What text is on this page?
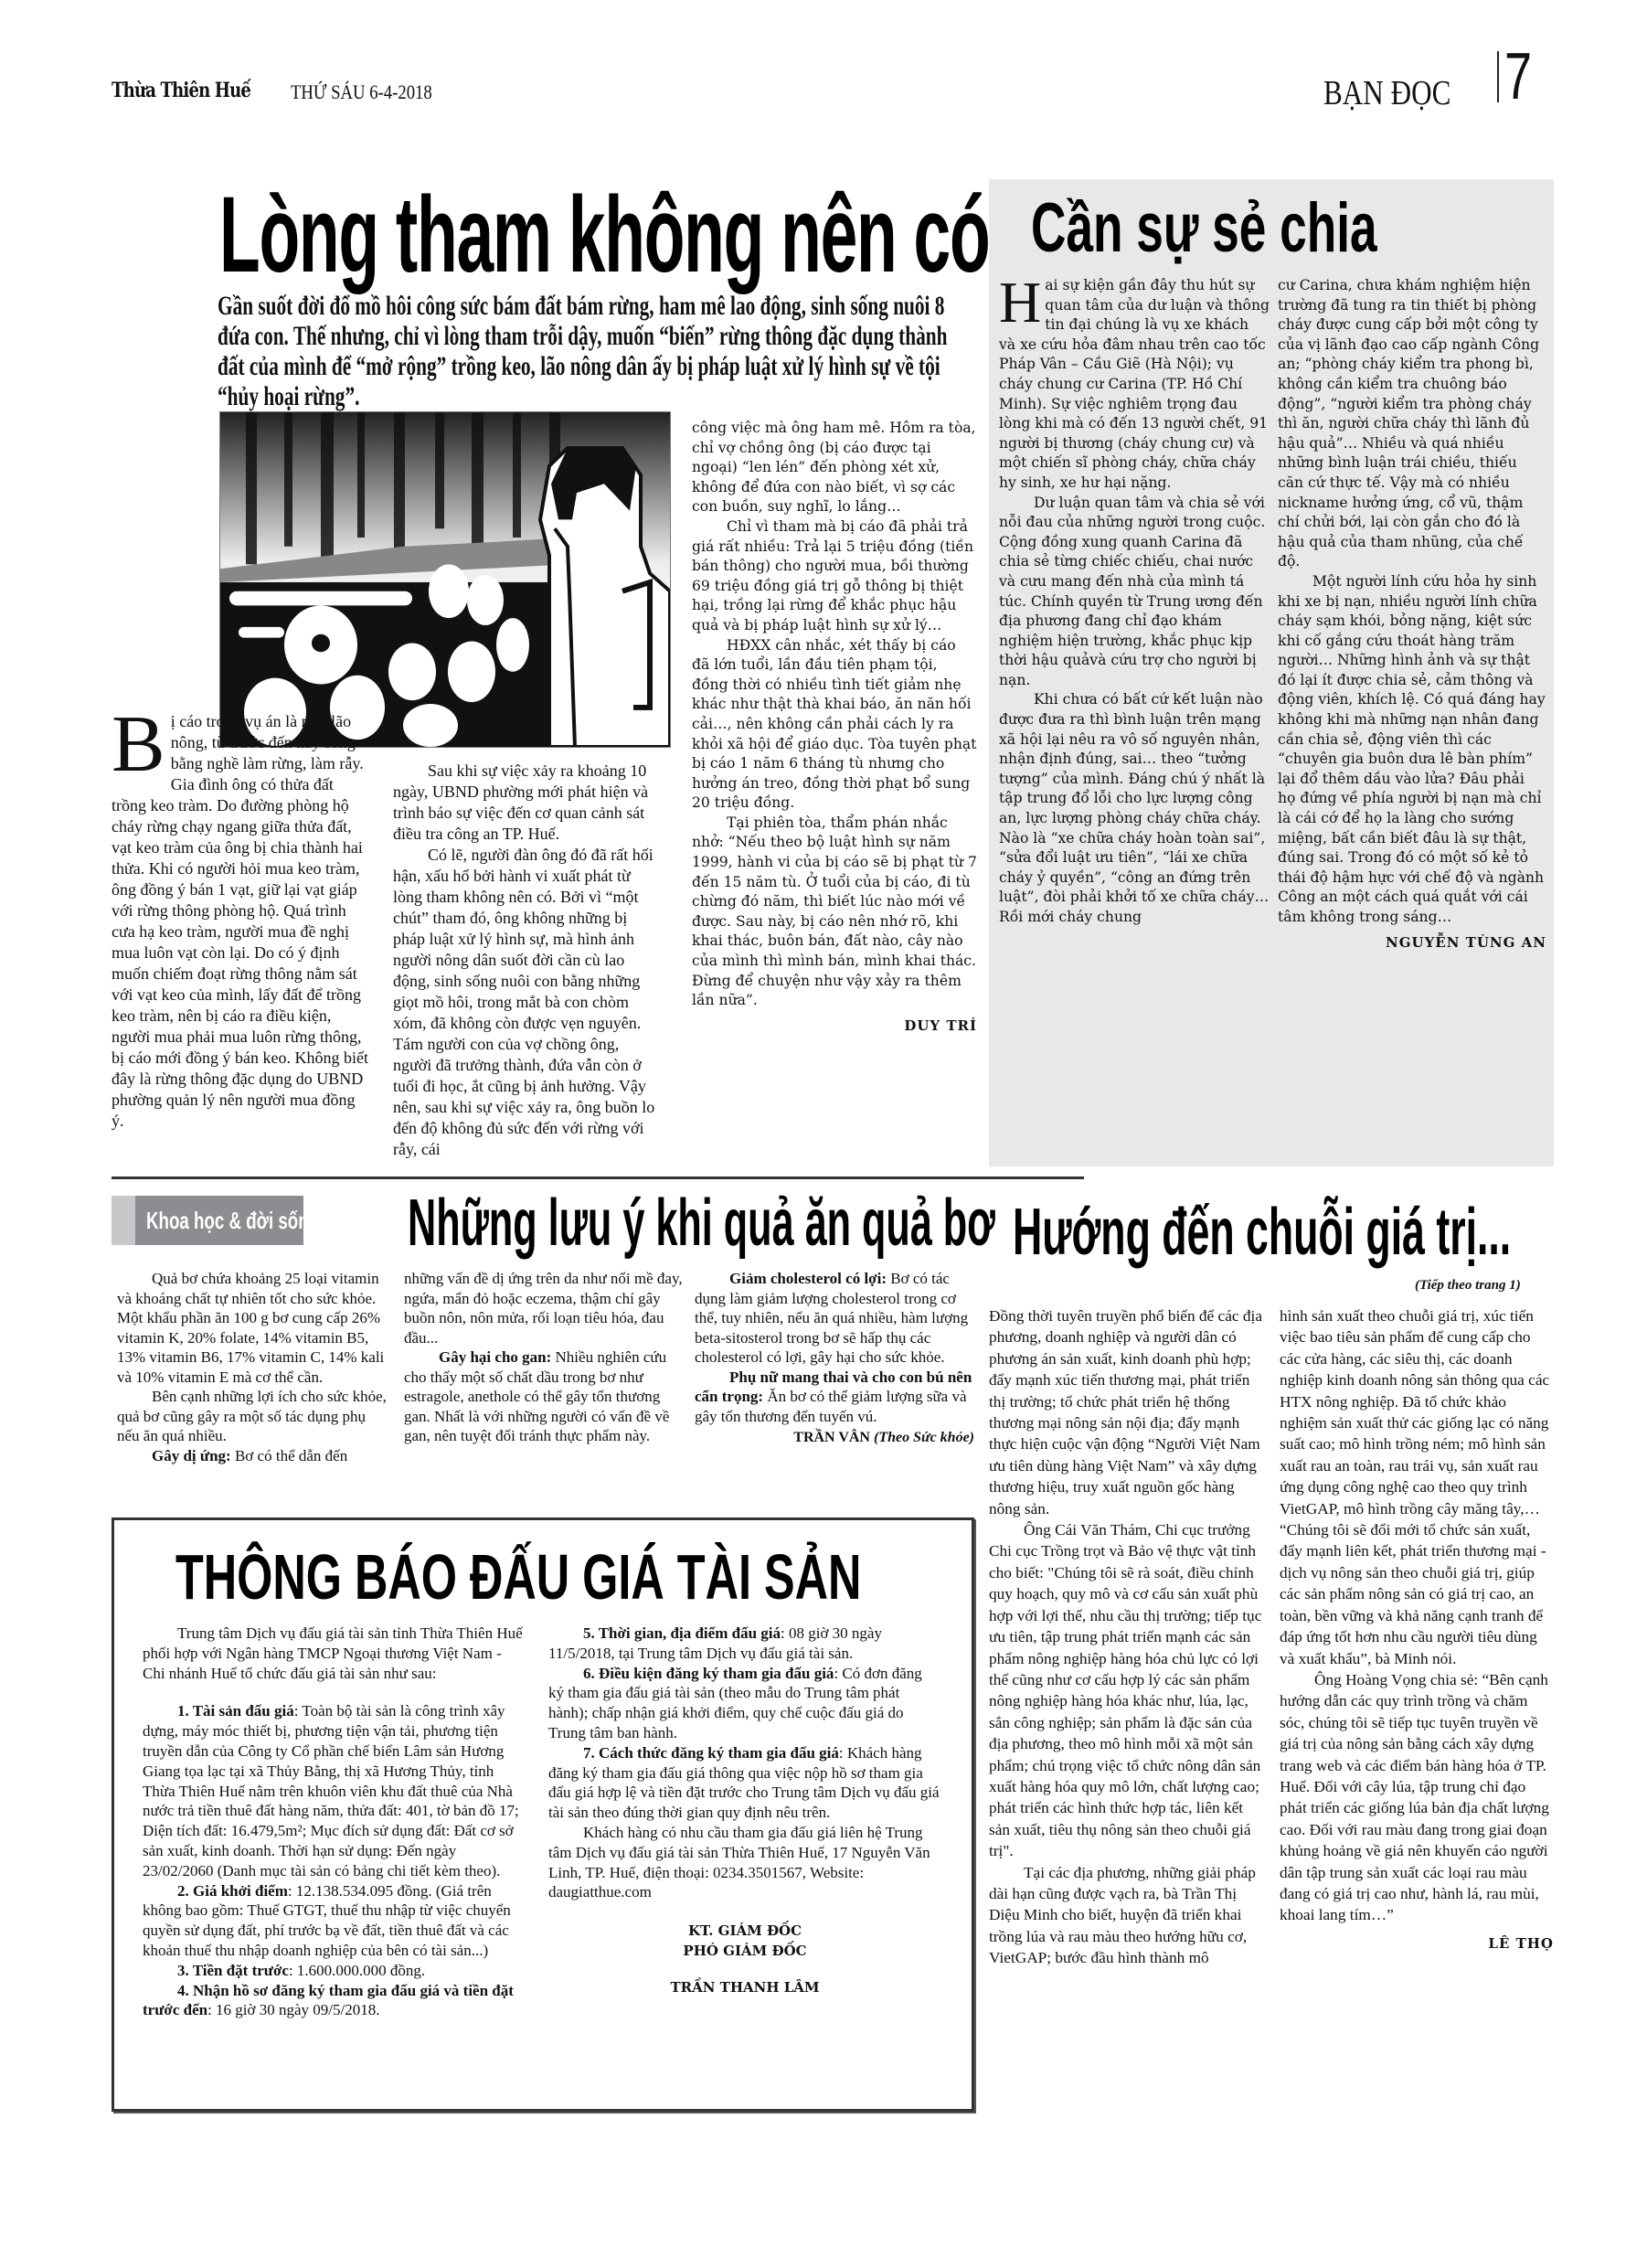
Thừa Thiên Huế THỨ SÁU 6-4-2018	BẠN ĐỌC 7
Lòng tham không nên có
Gần suốt đời đổ mồ hôi công sức bám đất bám rừng, ham mê lao động, sinh sống nuôi 8 đứa con. Thế nhưng, chỉ vì lòng tham trỗi dậy, muốn “biến” rừng thông đặc dụng thành đất của mình để “mở rộng” trồng keo, lão nông dân ấy bị pháp luật xử lý hình sự về tội “hủy hoại rừng”.

Bị cáo trong vụ án là một lão nông, từ trước đến nay sống bằng nghề làm rừng, làm rẫy. Gia đình ông có thửa đất trồng keo tràm. Do đường phòng hộ cháy rừng chạy ngang giữa thửa đất, vạt keo tràm của ông bị chia thành hai thửa. Khi có người hỏi mua keo tràm, ông đồng ý bán 1 vạt, giữ lại vạt giáp với rừng thông phòng hộ. Quá trình cưa hạ keo tràm, người mua đề nghị mua luôn vạt còn lại. Do có ý định muốn chiếm đoạt rừng thông nằm sát với vạt keo của mình, lấy đất để trồng keo tràm, nên bị cáo ra điều kiện, người mua phải mua luôn rừng thông, bị cáo mới đồng ý bán keo. Không biết đây là rừng thông đặc dụng do UBND phường quản lý nên người mua đồng ý.

Sau khi sự việc xảy ra khoảng 10 ngày, UBND phường mới phát hiện và trình báo sự việc đến cơ quan cảnh sát điều tra công an TP. Huế.

Có lẽ, người đàn ông đó đã rất hối hận, xấu hổ bởi hành vi xuất phát từ lòng tham không nên có. Bởi vì “một chút” tham đó, ông không những bị pháp luật xử lý hình sự, mà hình ảnh người nông dân suốt đời cần cù lao động, sinh sống nuôi con bằng những giọt mồ hôi, trong mắt bà con chòm xóm, đã không còn được vẹn nguyên. Tám người con của vợ chồng ông, người đã trưởng thành, đứa vẫn còn ở tuổi đi học, ắt cũng bị ảnh hưởng. Vậy nên, sau khi sự việc xảy ra, ông buồn lo đến độ không đủ sức đến với rừng với rẫy, cái

công việc mà ông ham mê. Hôm ra tòa, chỉ vợ chồng ông (bị cáo được tại ngoại) “len lén” đến phòng xét xử, không để đứa con nào biết, vì sợ các con buồn, suy nghĩ, lo lắng…

Chỉ vì tham mà bị cáo đã phải trả giá rất nhiều: Trả lại 5 triệu đồng (tiền bán thông) cho người mua, bồi thường 69 triệu đồng giá trị gỗ thông bị thiệt hại, trồng lại rừng để khắc phục hậu quả và bị pháp luật hình sự xử lý…

HĐXX cân nhắc, xét thấy bị cáo đã lớn tuổi, lần đầu tiên phạm tội, đồng thời có nhiều tình tiết giảm nhẹ khác như thật thà khai báo, ăn năn hối cải…, nên không cần phải cách ly ra khỏi xã hội để giáo dục. Tòa tuyên phạt bị cáo 1 năm 6 tháng tù nhưng cho hưởng án treo, đồng thời phạt bổ sung 20 triệu đồng.

Tại phiên tòa, thẩm phán nhắc nhở: “Nếu theo bộ luật hình sự năm 1999, hành vi của bị cáo sẽ bị phạt từ 7 đến 15 năm tù. Ở tuổi của bị cáo, đi tù chừng đó năm, thì biết lúc nào mới về được. Sau này, bị cáo nên nhớ rõ, khi khai thác, buôn bán, đất nào, cây nào của mình thì mình bán, mình khai thác. Đừng để chuyện như vậy xảy ra thêm lần nữa”.

DUY TRÍ
Cần sự sẻ chia

Hai sự kiện gần đây thu hút sự quan tâm của dư luận và thông tin đại chúng là vụ xe khách và xe cứu hỏa đâm nhau trên cao tốc Pháp Vân – Cầu Giẽ (Hà Nội); vụ cháy chung cư Carina (TP. Hồ Chí Minh). Sự việc nghiêm trọng đau lòng khi mà có đến 13 người chết, 91 người bị thương (cháy chung cư) và một chiến sĩ phòng cháy, chữa cháy hy sinh, xe hư hại nặng.

Dư luận quan tâm và chia sẻ với nỗi đau của những người trong cuộc. Cộng đồng xung quanh Carina đã chia sẻ từng chiếc chiếu, chai nước và cưu mang đến nhà của mình tá túc. Chính quyền từ Trung ương đến địa phương đang chỉ đạo khám nghiệm hiện trường, khắc phục kịp thời hậu quảvà cứu trợ cho người bị nạn.

Khi chưa có bất cứ kết luận nào được đưa ra thì bình luận trên mạng xã hội lại nêu ra vô số nguyên nhân, nhận định đúng, sai… theo “tưởng tượng” của mình. Đáng chú ý nhất là tập trung đổ lỗi cho lực lượng công an, lực lượng phòng cháy chữa cháy. Nào là “xe chữa cháy hoàn toàn sai”, “sửa đổi luật ưu tiên”, “lái xe chữa cháy ỷ quyền”, “công an đứng trên luật”, đòi phải khởi tố xe chữa cháy… Rồi mới cháy chung

cư Carina, chưa khám nghiệm hiện trường đã tung ra tin thiết bị phòng cháy được cung cấp bởi một công ty của vị lãnh đạo cao cấp ngành Công an; “phòng cháy kiểm tra phong bì, không cần kiểm tra chuông báo động”, “người kiểm tra phòng cháy thì ăn, người chữa cháy thì lãnh đủ hậu quả”… Nhiều và quá nhiều những bình luận trái chiều, thiếu căn cứ thực tế. Vậy mà có nhiều nickname hưởng ứng, cổ vũ, thậm chí chửi bới, lại còn gắn cho đó là hậu quả của tham nhũng, của chế độ.

Một người lính cứu hỏa hy sinh khi xe bị nạn, nhiều người lính chữa cháy sạm khói, bỏng nặng, kiệt sức khi cố gắng cứu thoát hàng trăm người… Những hình ảnh và sự thật đó lại ít được chia sẻ, cảm thông và động viên, khích lệ. Có quá đáng hay không khi mà những nạn nhân đang cần chia sẻ, động viên thì các “chuyên gia buôn dưa lê bàn phím” lại đổ thêm dầu vào lửa? Đâu phải họ đứng về phía người bị nạn mà chỉ là cái cớ để họ la làng cho sướng miệng, bất cần biết đâu là sự thật, đúng sai. Trong đó có một số kẻ tỏ thái độ hậm hực với chế độ và ngành Công an một cách quá quắt với cái tâm không trong sáng…

NGUYỄN TÙNG AN
Khoa học & đời sống Những lưu ý khi quả ăn quả bơ

Quả bơ chứa khoảng 25 loại vitamin và khoáng chất tự nhiên tốt cho sức khỏe. Một khẩu phần ăn 100 g bơ cung cấp 26% vitamin K, 20% folate, 14% vitamin B5, 13% vitamin B6, 17% vitamin C, 14% kali và 10% vitamin E mà cơ thể cần.

Bên cạnh những lợi ích cho sức khỏe, quả bơ cũng gây ra một số tác dụng phụ nếu ăn quá nhiều.

Gây dị ứng: Bơ có thể dẫn đến

những vấn đề dị ứng trên da như nổi mề đay, ngứa, mẩn đỏ hoặc eczema, thậm chí gây buồn nôn, nôn mửa, rối loạn tiêu hóa, đau đầu...

Gây hại cho gan: Nhiều nghiên cứu cho thấy một số chất dầu trong bơ như estragole, anethole có thể gây tổn thương gan. Nhất là với những người có vấn đề về gan, nên tuyệt đối tránh thực phẩm này.

Giảm cholesterol có lợi: Bơ có tác dụng làm giảm lượng cholesterol trong cơ thể, tuy nhiên, nếu ăn quá nhiều, hàm lượng beta-sitosterol trong bơ sẽ hấp thụ các cholesterol có lợi, gây hại cho sức khỏe.

Phụ nữ mang thai và cho con bú nên cẩn trọng: Ăn bơ có thể giảm lượng sữa và gây tổn thương đến tuyến vú.

TRẦN VÂN (Theo Sức khỏe)
Hướng đến chuỗi giá trị...
(Tiếp theo trang 1)

Đồng thời tuyên truyền phổ biến để các địa phương, doanh nghiệp và người dân có phương án sản xuất, kinh doanh phù hợp; đẩy mạnh xúc tiến thương mại, phát triển thị trường; tổ chức phát triển hệ thống thương mại nông sản nội địa; đẩy mạnh thực hiện cuộc vận động “Người Việt Nam ưu tiên dùng hàng Việt Nam” và xây dựng thương hiệu, truy xuất nguồn gốc hàng nông sản.

Ông Cái Văn Thám, Chi cục trưởng Chi cục Trồng trọt và Bảo vệ thực vật tỉnh cho biết: "Chúng tôi sẽ rà soát, điều chỉnh quy hoạch, quy mô và cơ cấu sản xuất phù hợp với lợi thế, nhu cầu thị trường; tiếp tục ưu tiên, tập trung phát triển mạnh các sản phẩm nông nghiệp hàng hóa chủ lực có lợi thế cũng như cơ cấu hợp lý các sản phẩm nông nghiệp hàng hóa khác như, lúa, lạc, sắn công nghiệp; sản phẩm là đặc sản của địa phương, theo mô hình mỗi xã một sản phẩm; chú trọng việc tổ chức nông dân sản xuất hàng hóa quy mô lớn, chất lượng cao; phát triển các hình thức hợp tác, liên kết sản xuất, tiêu thụ nông sản theo chuỗi giá trị".

Tại các địa phương, những giải pháp dài hạn cũng được vạch ra, bà Trần Thị Diệu Minh cho biết, huyện đã triển khai trồng lúa và rau màu theo hướng hữu cơ, VietGAP; bước đầu hình thành mô

hình sản xuất theo chuỗi giá trị, xúc tiến việc bao tiêu sản phẩm để cung cấp cho các cửa hàng, các siêu thị, các doanh nghiệp kinh doanh nông sản thông qua các HTX nông nghiệp. Đã tổ chức khảo nghiệm sản xuất thử các giống lạc có năng suất cao; mô hình trồng ném; mô hình sản xuất rau an toàn, rau trái vụ, sản xuất rau ứng dụng công nghệ cao theo quy trình VietGAP, mô hình trồng cây măng tây,… “Chúng tôi sẽ đổi mới tổ chức sản xuất, đẩy mạnh liên kết, phát triển thương mại - dịch vụ nông sản theo chuỗi giá trị, giúp các sản phẩm nông sản có giá trị cao, an toàn, bền vững và khả năng cạnh tranh để đáp ứng tốt hơn nhu cầu người tiêu dùng và xuất khẩu”, bà Minh nói.

Ông Hoàng Vọng chia sẻ: “Bên cạnh hướng dẫn các quy trình trồng và chăm sóc, chúng tôi sẽ tiếp tục tuyên truyền về giá trị của nông sản bằng cách xây dựng trang web và các điểm bán hàng hóa ở TP. Huế. Đối với cây lúa, tập trung chỉ đạo phát triển các giống lúa bản địa chất lượng cao. Đối với rau màu đang trong giai đoạn khủng hoảng về giá nên khuyến cáo người dân tập trung sản xuất các loại rau màu đang có giá trị cao như, hành lá, rau mùi, khoai lang tím…”

LÊ THỌ
THÔNG BÁO ĐẤU GIÁ TÀI SẢN

Trung tâm Dịch vụ đấu giá tài sản tỉnh Thừa Thiên Huế phối hợp với Ngân hàng TMCP Ngoại thương Việt Nam - Chi nhánh Huế tổ chức đấu giá tài sản như sau:

1. Tài sản đấu giá: Toàn bộ tài sản là công trình xây dựng, máy móc thiết bị, phương tiện vận tải, phương tiện truyền dẫn của Công ty Cổ phần chế biến Lâm sản Hương Giang tọa lạc tại xã Thủy Bằng, thị xã Hương Thủy, tỉnh Thừa Thiên Huế nằm trên khuôn viên khu đất thuê của Nhà nước trả tiền thuê đất hàng năm, thửa đất: 401, tờ bản đồ 17; Diện tích đất: 16.479,5m²; Mục đích sử dụng đất: Đất cơ sở sản xuất, kinh doanh. Thời hạn sử dụng: Đến ngày 23/02/2060 (Danh mục tài sản có bảng chi tiết kèm theo).

2. Giá khởi điểm: 12.138.534.095 đồng. (Giá trên không bao gồm: Thuế GTGT, thuế thu nhập từ việc chuyển quyền sử dụng đất, phí trước bạ về đất, tiền thuê đất và các khoản thuế thu nhập doanh nghiệp của bên có tài sản...)

3. Tiền đặt trước: 1.600.000.000 đồng.

4. Nhận hồ sơ đăng ký tham gia đấu giá và tiền đặt trước đến: 16 giờ 30 ngày 09/5/2018.

5. Thời gian, địa điểm đấu giá: 08 giờ 30 ngày 11/5/2018, tại Trung tâm Dịch vụ đấu giá tài sản.

6. Điều kiện đăng ký tham gia đấu giá: Có đơn đăng ký tham gia đấu giá tài sản (theo mẫu do Trung tâm phát hành); chấp nhận giá khởi điểm, quy chế cuộc đấu giá do Trung tâm ban hành.

7. Cách thức đăng ký tham gia đấu giá: Khách hàng đăng ký tham gia đấu giá thông qua việc nộp hồ sơ tham gia đấu giá hợp lệ và tiền đặt trước cho Trung tâm Dịch vụ đấu giá tài sản theo đúng thời gian quy định nêu trên.

Khách hàng có nhu cầu tham gia đấu giá liên hệ Trung tâm Dịch vụ đấu giá tài sản Thừa Thiên Huế, 17 Nguyễn Văn Linh, TP. Huế, điện thoại: 0234.3501567, Website: daugiatthue.com

KT. GIÁM ĐỐC
PHÓ GIÁM ĐỐC
TRẦN THANH LÂM
